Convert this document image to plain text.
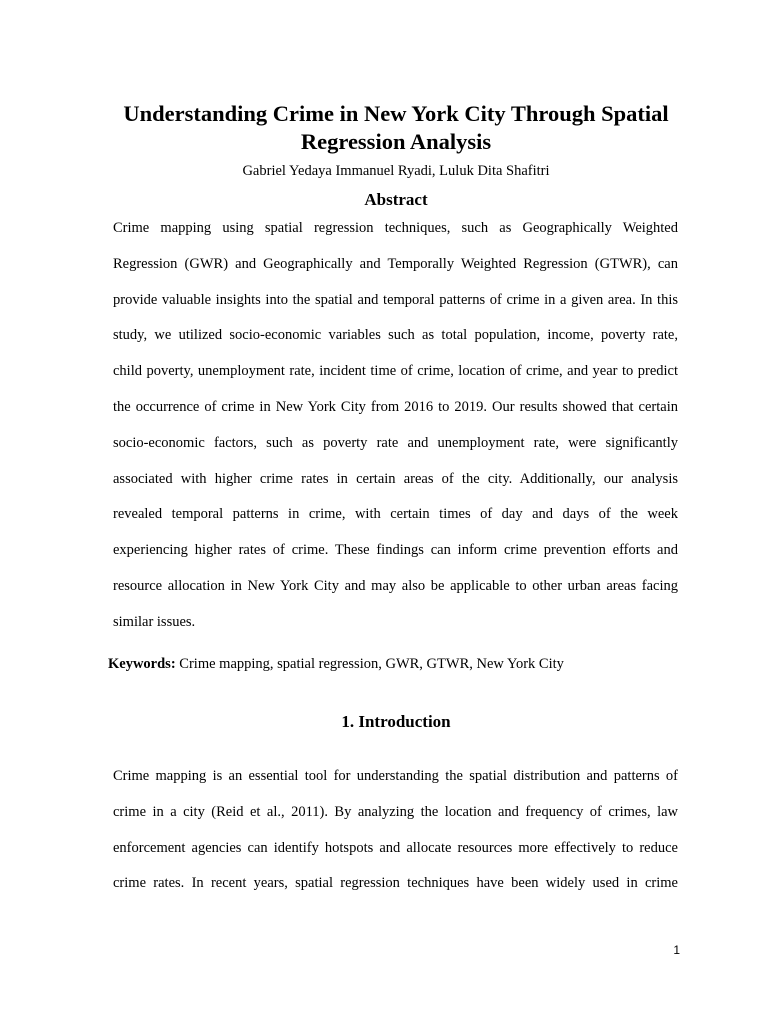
Understanding Crime in New York City Through Spatial
Regression Analysis
Gabriel Yedaya Immanuel Ryadi, Luluk Dita Shafitri
Abstract
Crime mapping using spatial regression techniques, such as Geographically Weighted
Regression (GWR) and Geographically and Temporally Weighted Regression (GTWR), can
provide valuable insights into the spatial and temporal patterns of crime in a given area. In this
study, we utilized socio-economic variables such as total population, income, poverty rate,
child poverty, unemployment rate, incident time of crime, location of crime, and year to predict
the occurrence of crime in New York City from 2016 to 2019. Our results showed that certain
socio-economic factors, such as poverty rate and unemployment rate, were significantly
associated with higher crime rates in certain areas of the city. Additionally, our analysis
revealed temporal patterns in crime, with certain times of day and days of the week
experiencing higher rates of crime. These findings can inform crime prevention efforts and
resource allocation in New York City and may also be applicable to other urban areas facing
similar issues.
Keywords: Crime mapping, spatial regression, GWR, GTWR, New York City
1. Introduction
Crime mapping is an essential tool for understanding the spatial distribution and patterns of
crime in a city (Reid et al., 2011). By analyzing the location and frequency of crimes, law
enforcement agencies can identify hotspots and allocate resources more effectively to reduce
crime rates. In recent years, spatial regression techniques have been widely used in crime
1
